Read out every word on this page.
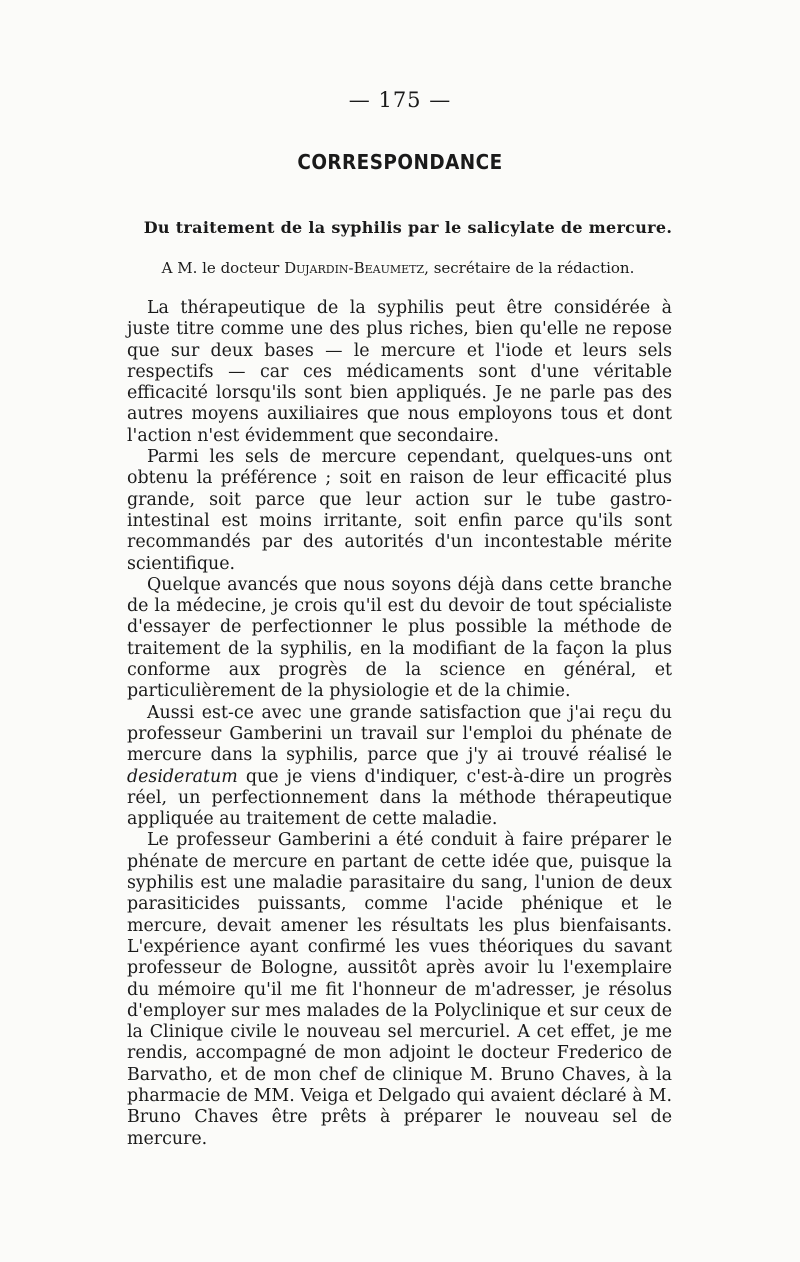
— 175 —
CORRESPONDANCE
Du traitement de la syphilis par le salicylate de mercure.
A M. le docteur Dujardin-Beaumetz, secrétaire de la rédaction.

La thérapeutique de la syphilis peut être considérée à juste titre comme une des plus riches, bien qu'elle ne repose que sur deux bases — le mercure et l'iode et leurs sels respectifs — car ces médicaments sont d'une véritable efficacité lorsqu'ils sont bien appliqués. Je ne parle pas des autres moyens auxiliaires que nous employons tous et dont l'action n'est évidemment que secondaire.

Parmi les sels de mercure cependant, quelques-uns ont obtenu la préférence ; soit en raison de leur efficacité plus grande, soit parce que leur action sur le tube gastro-intestinal est moins irritante, soit enfin parce qu'ils sont recommandés par des autorités d'un incontestable mérite scientifique.

Quelque avancés que nous soyons déjà dans cette branche de la médecine, je crois qu'il est du devoir de tout spécialiste d'essayer de perfectionner le plus possible la méthode de traitement de la syphilis, en la modifiant de la façon la plus conforme aux progrès de la science en général, et particulièrement de la physiologie et de la chimie.

Aussi est-ce avec une grande satisfaction que j'ai reçu du professeur Gamberini un travail sur l'emploi du phénate de mercure dans la syphilis, parce que j'y ai trouvé réalisé le desideratum que je viens d'indiquer, c'est-à-dire un progrès réel, un perfectionnement dans la méthode thérapeutique appliquée au traitement de cette maladie.

Le professeur Gamberini a été conduit à faire préparer le phénate de mercure en partant de cette idée que, puisque la syphilis est une maladie parasitaire du sang, l'union de deux parasiticides puissants, comme l'acide phénique et le mercure, devait amener les résultats les plus bienfaisants. L'expérience ayant confirmé les vues théoriques du savant professeur de Bologne, aussitôt après avoir lu l'exemplaire du mémoire qu'il me fit l'honneur de m'adresser, je résolus d'employer sur mes malades de la Polyclinique et sur ceux de la Clinique civile le nouveau sel mercuriel. A cet effet, je me rendis, accompagné de mon adjoint le docteur Frederico de Barvatho, et de mon chef de clinique M. Bruno Chaves, à la pharmacie de MM. Veiga et Delgado qui avaient déclaré à M. Bruno Chaves être prêts à préparer le nouveau sel de mercure.
